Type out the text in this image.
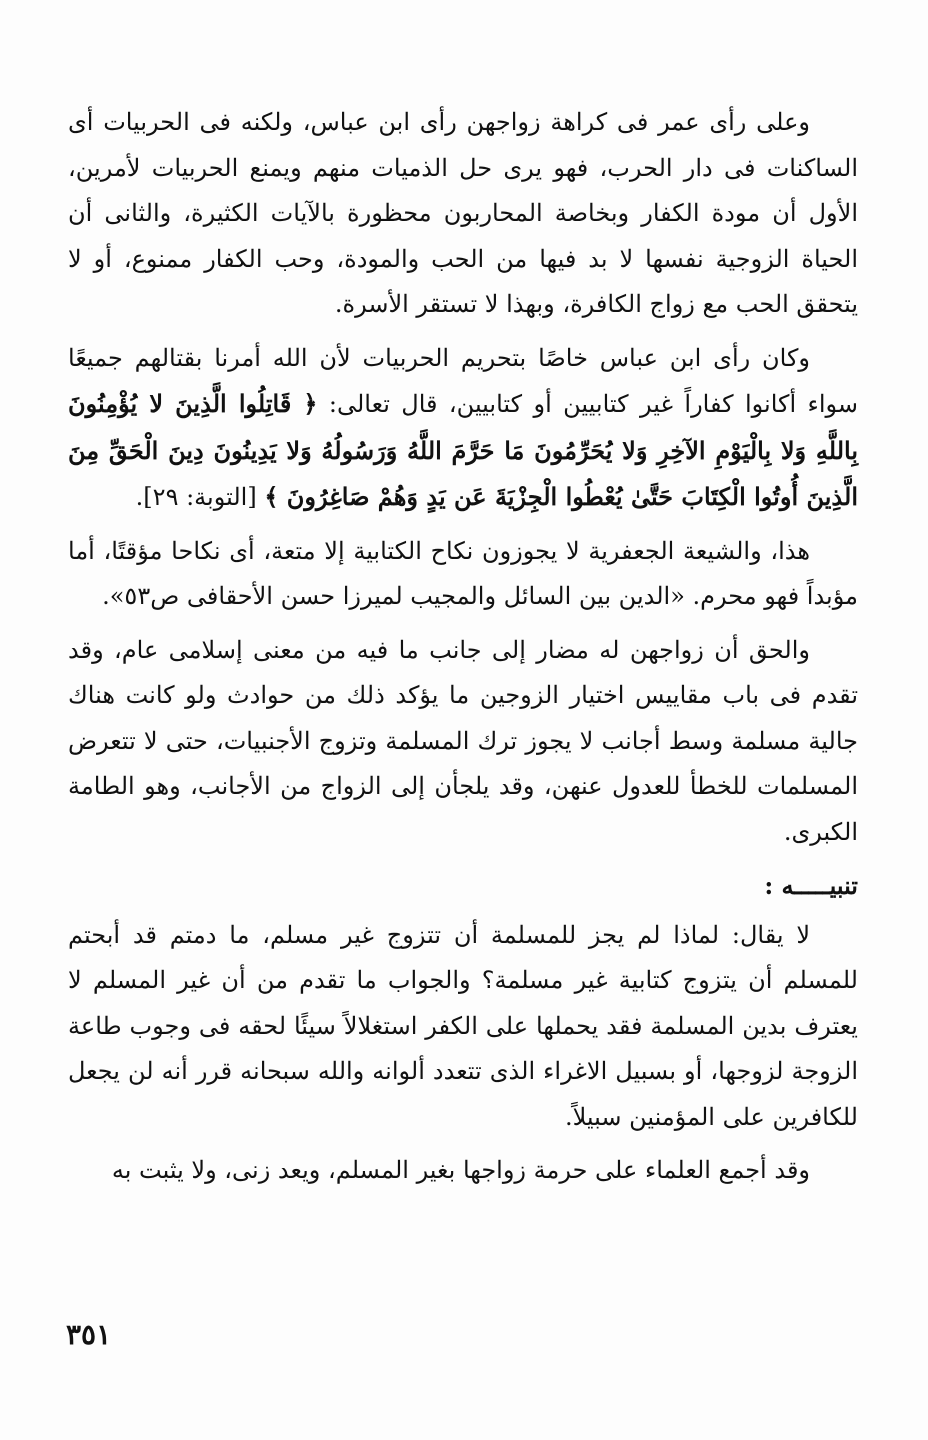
وعلى رأى عمر فى كراهة زواجهن رأى ابن عباس، ولكنه فى الحربيات أى الساكنات فى دار الحرب، فهو يرى حل الذميات منهم ويمنع الحربيات لأمرين، الأول أن مودة الكفار وبخاصة المحاربون محظورة بالآيات الكثيرة، والثانى أن الحياة الزوجية نفسها لا بد فيها من الحب والمودة، وحب الكفار ممنوع، أو لا يتحقق الحب مع زواج الكافرة، وبهذا لا تستقر الأسرة.

وكان رأى ابن عباس خاصًا بتحريم الحربيات لأن الله أمرنا بقتالهم جميعًا سواء أكانوا كفاراً غير كتابيين أو كتابيين، قال تعالى: ﴿ قَاتِلُوا الَّذِينَ لا يُؤْمِنُونَ بِاللَّهِ وَلا بِالْيَوْمِ الآخِرِ وَلا يُحَرِّمُونَ مَا حَرَّمَ اللَّهُ وَرَسُولُهُ وَلا يَدِينُونَ دِينَ الْحَقِّ مِنَ الَّذِينَ أُوتُوا الْكِتَابَ حَتَّىٰ يُعْطُوا الْجِزْيَةَ عَن يَدٍ وَهُمْ صَاغِرُونَ ﴾ [التوبة: ٢٩].

هذا، والشيعة الجعفرية لا يجوزون نكاح الكتابية إلا متعة، أى نكاحا مؤقتًا، أما مؤبداً فهو محرم. «الدين بين السائل والمجيب لميرزا حسن الأحقافى ص٥٣».

والحق أن زواجهن له مضار إلى جانب ما فيه من معنى إسلامى عام، وقد تقدم فى باب مقاييس اختيار الزوجين ما يؤكد ذلك من حوادث ولو كانت هناك جالية مسلمة وسط أجانب لا يجوز ترك المسلمة وتزوج الأجنبيات، حتى لا تتعرض المسلمات للخطأ للعدول عنهن، وقد يلجأن إلى الزواج من الأجانب، وهو الطامة الكبرى.

تنبيـــــه :

لا يقال: لماذا لم يجز للمسلمة أن تتزوج غير مسلم، ما دمتم قد أبحتم للمسلم أن يتزوج كتابية غير مسلمة؟ والجواب ما تقدم من أن غير المسلم لا يعترف بدين المسلمة فقد يحملها على الكفر استغلالاً سيئًا لحقه فى وجوب طاعة الزوجة لزوجها، أو بسبيل الاغراء الذى تتعدد ألوانه والله سبحانه قرر أنه لن يجعل للكافرين على المؤمنين سبيلاً.

وقد أجمع العلماء على حرمة زواجها بغير المسلم، ويعد زنى، ولا يثبت به

٣٥١
